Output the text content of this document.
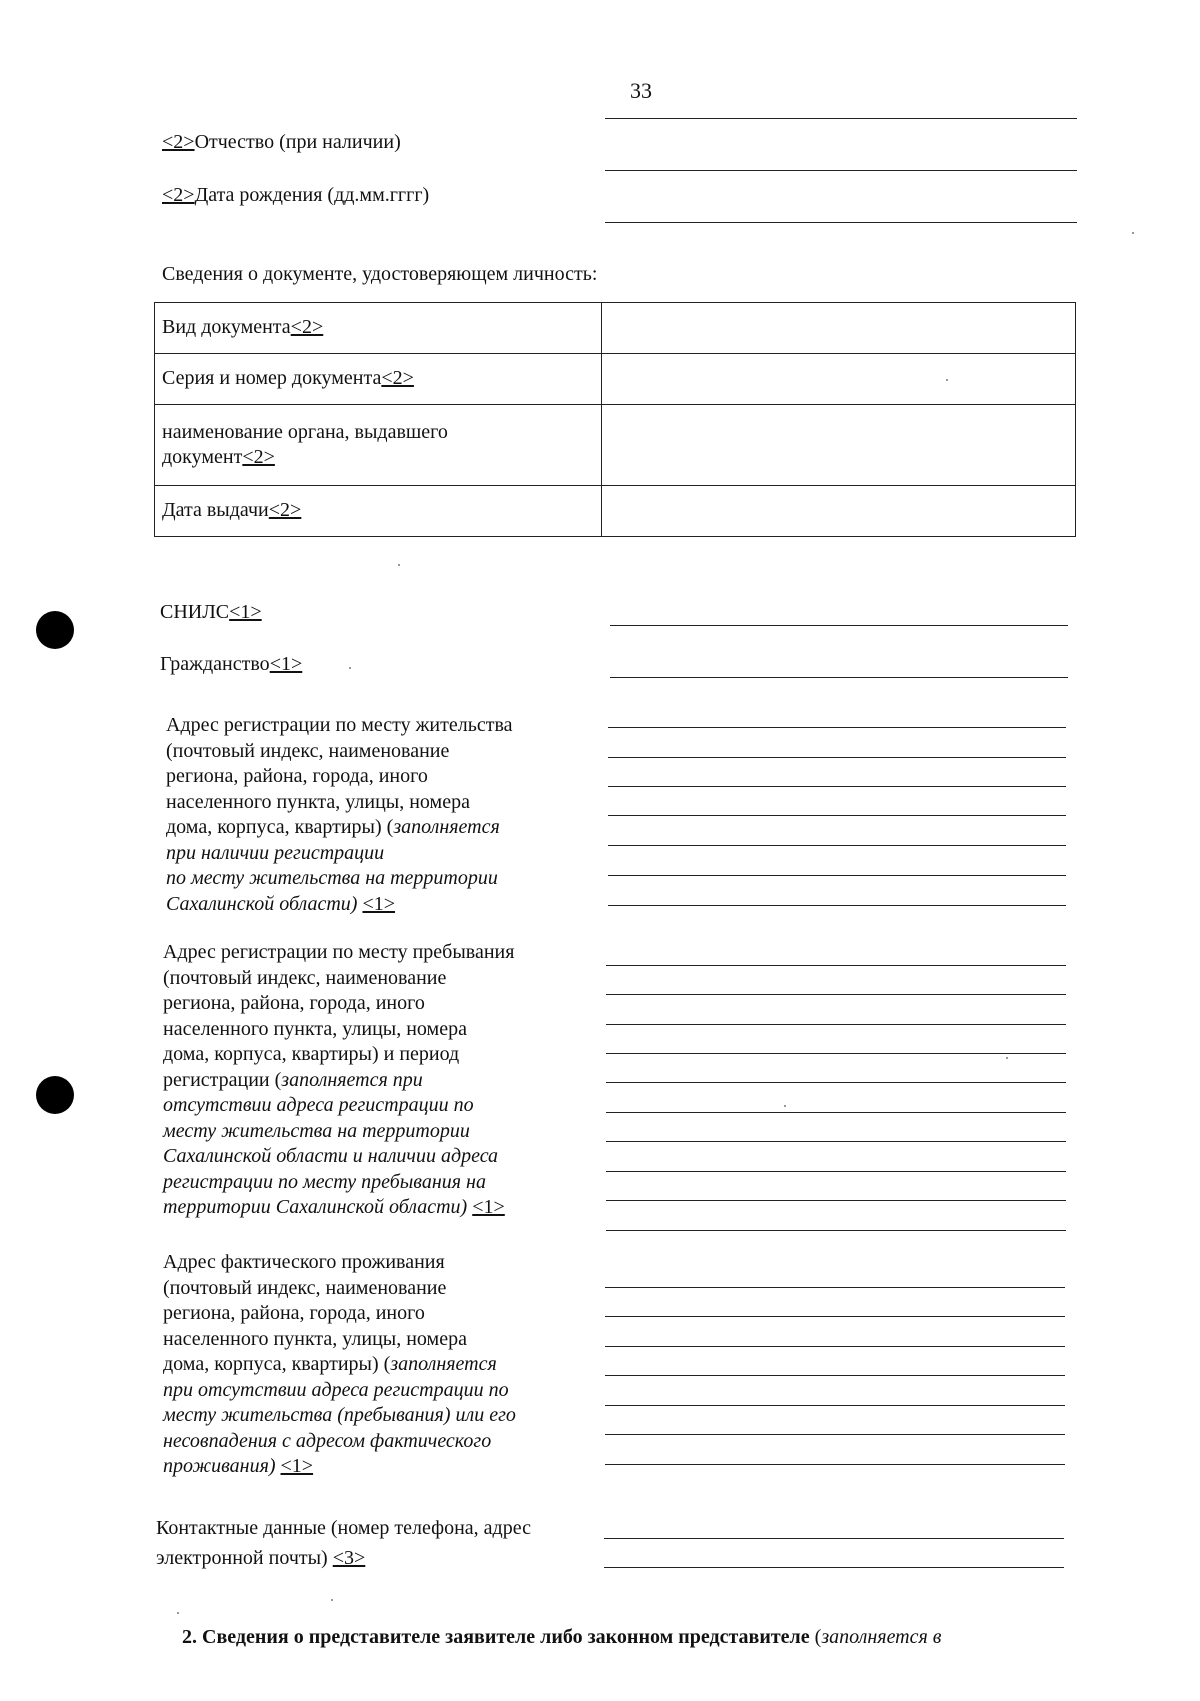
33
<2>Отчество (при наличии)
<2>Дата рождения (дд.мм.гггг)
Сведения о документе, удостоверяющем личность:
Вид документа<2>	
Серия и номер документа<2>	
наименование органа, выдавшего
документ<2>	
Дата выдачи<2>	
СНИЛС<1>
Гражданство<1>
Адрес регистрации по месту жительства
(почтовый индекс, наименование
региона, района, города, иного
населенного пункта, улицы, номера
дома, корпуса, квартиры) (заполняется
при наличии регистрации
по месту жительства на территории
Сахалинской области) <1>
Адрес регистрации по месту пребывания
(почтовый индекс, наименование
региона, района, города, иного
населенного пункта, улицы, номера
дома, корпуса, квартиры) и период
регистрации (заполняется при
отсутствии адреса регистрации по
месту жительства на территории
Сахалинской области и наличии адреса
регистрации по месту пребывания на
территории Сахалинской области) <1>
Адрес фактического проживания
(почтовый индекс, наименование
региона, района, города, иного
населенного пункта, улицы, номера
дома, корпуса, квартиры) (заполняется
при отсутствии адреса регистрации по
месту жительства (пребывания) или его
несовпадения с адресом фактического
проживания) <1>
Контактные данные (номер телефона, адрес
электронной почты) <3>
2. Сведения о представителе заявителе либо законном представителе (заполняется в
